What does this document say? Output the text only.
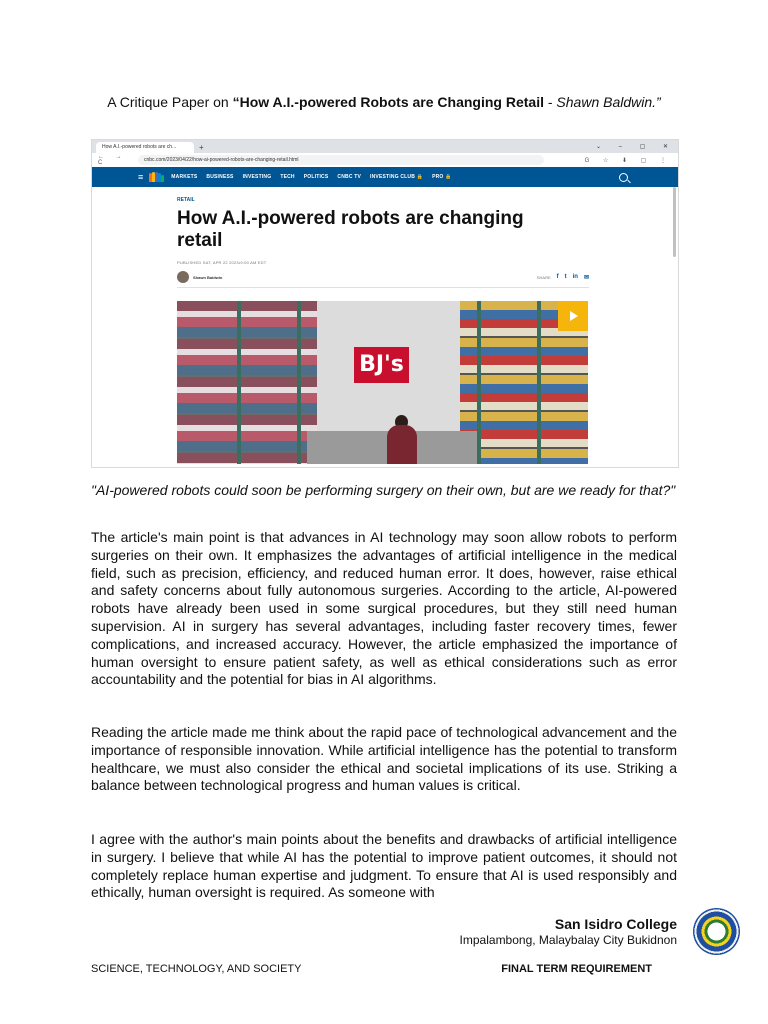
A Critique Paper on “How A.I.-powered Robots are Changing Retail - Shawn Baldwin.”
How A.I.-powered robots are ch...	+	⌄ – ▢ ✕
← → C	cnbc.com/2023/04/22/how-ai-powered-robots-are-changing-retail.html	G ☆ ⬇ ▢ ⋮
≡	MARKETS BUSINESS INVESTING TECH POLITICS CNBC TV INVESTING CLUB 🔒 PRO 🔒
RETAIL
How A.I.-powered robots are changing retail
PUBLISHED SAT, APR 22 2023•9:00 AM EDT
Shawn Baldwin	SHARE f t in ✉
BJ's
"AI-powered robots could soon be performing surgery on their own, but are we ready for that?"

The article's main point is that advances in AI technology may soon allow robots to perform surgeries on their own. It emphasizes the advantages of artificial intelligence in the medical field, such as precision, efficiency, and reduced human error. It does, however, raise ethical and safety concerns about fully autonomous surgeries. According to the article, AI-powered robots have already been used in some surgical procedures, but they still need human supervision. AI in surgery has several advantages, including faster recovery times, fewer complications, and increased accuracy. However, the article emphasized the importance of human oversight to ensure patient safety, as well as ethical considerations such as error accountability and the potential for bias in AI algorithms.

Reading the article made me think about the rapid pace of technological advancement and the importance of responsible innovation. While artificial intelligence has the potential to transform healthcare, we must also consider the ethical and societal implications of its use. Striking a balance between technological progress and human values is critical.

I agree with the author's main points about the benefits and drawbacks of artificial intelligence in surgery. I believe that while AI has the potential to improve patient outcomes, it should not completely replace human expertise and judgment. To ensure that AI is used responsibly and ethically, human oversight is required. As someone with

San Isidro College
Impalambong, Malaybalay City Bukidnon
SCIENCE, TECHNOLOGY, AND SOCIETY	FINAL TERM REQUIREMENT
